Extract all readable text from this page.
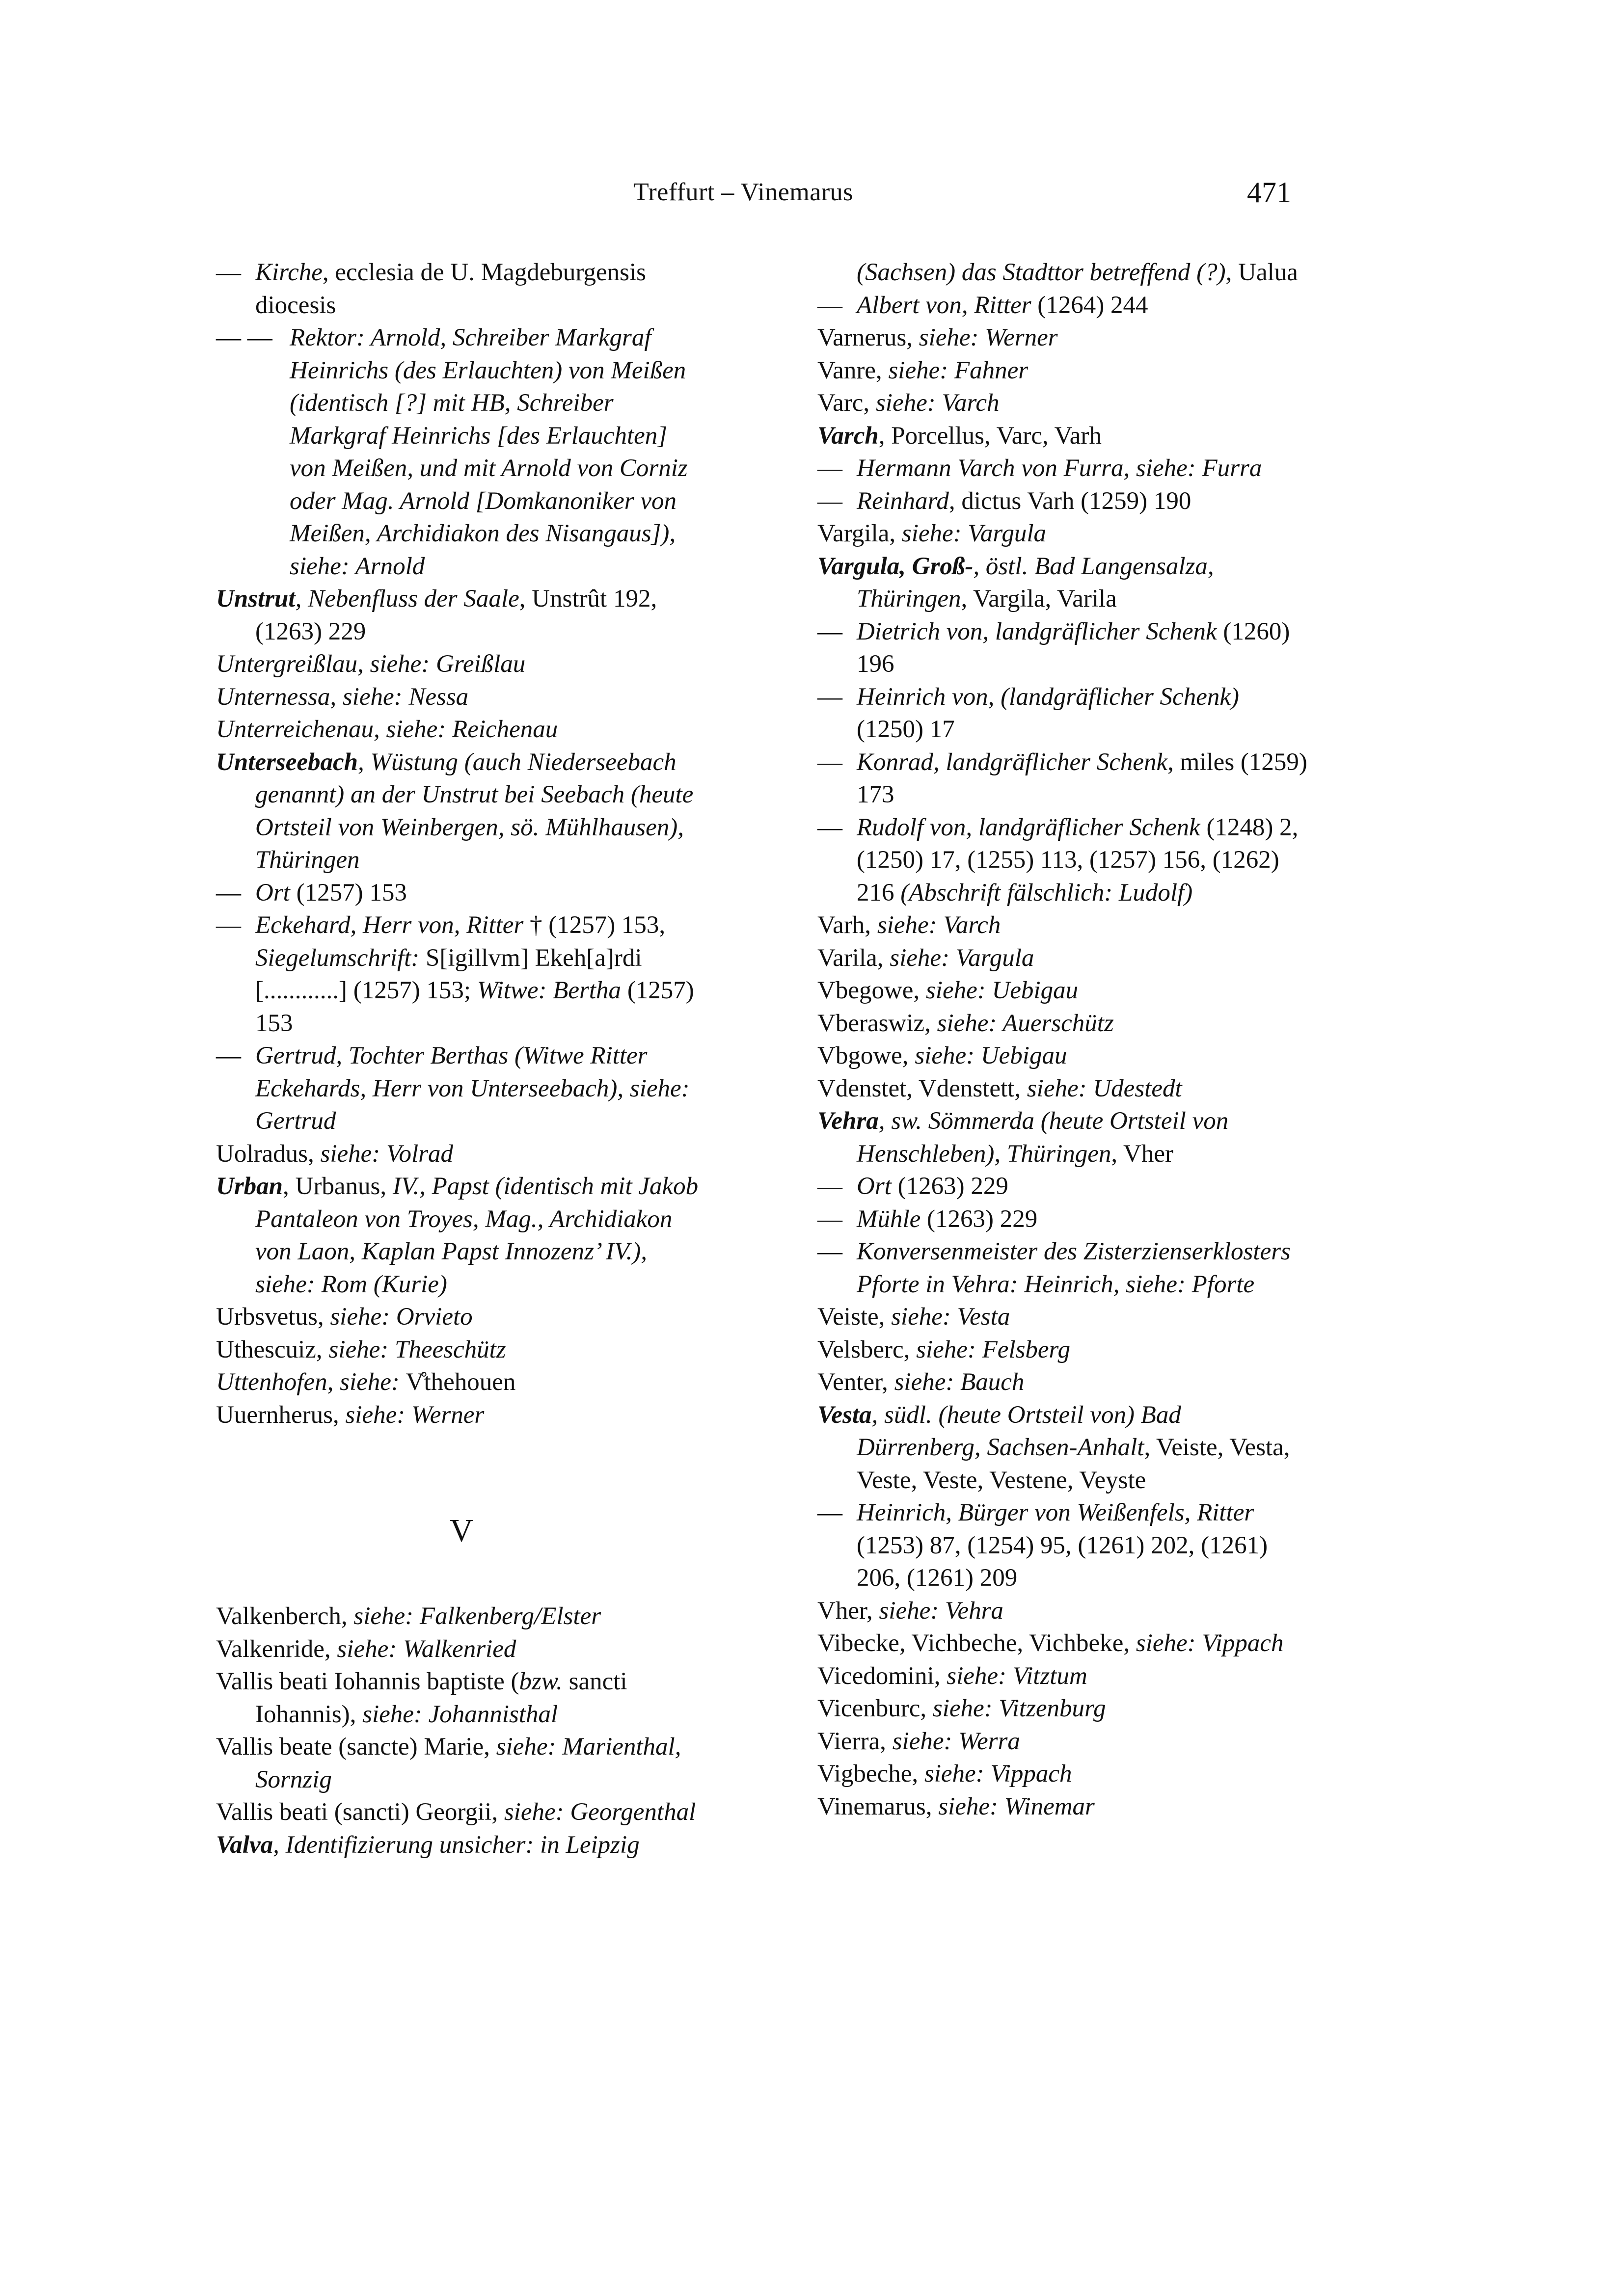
Treffurt – Vinemarus	471

— Kirche, ecclesia de U. Magdeburgensis diocesis

— — Rektor: Arnold, Schreiber Markgraf Heinrichs (des Erlauchten) von Meißen (identisch [?] mit HB, Schreiber Markgraf Heinrichs [des Erlauchten] von Meißen, und mit Arnold von Corniz oder Mag. Arnold [Domkanoniker von Meißen, Archidiakon des Nisangaus]), siehe: Arnold

Unstrut, Nebenfluss der Saale, Unstrût 192, (1263) 229

Untergreißlau, siehe: Greißlau

Unternessa, siehe: Nessa

Unterreichenau, siehe: Reichenau

Unterseebach, Wüstung (auch Niederseebach genannt) an der Unstrut bei Seebach (heute Ortsteil von Weinbergen, sö. Mühlhausen), Thüringen

— Ort (1257) 153

— Eckehard, Herr von, Ritter † (1257) 153, Siegelumschrift: S[igillvm] Ekeh[a]rdi [............] (1257) 153; Witwe: Bertha (1257) 153

— Gertrud, Tochter Berthas (Witwe Ritter Eckehards, Herr von Unterseebach), siehe: Gertrud

Uolradus, siehe: Volrad

Urban, Urbanus, IV., Papst (identisch mit Jakob Pantaleon von Troyes, Mag., Archidiakon von Laon, Kaplan Papst Innozenz’ IV.), siehe: Rom (Kurie)

Urbsvetus, siehe: Orvieto

Uthescuiz, siehe: Theeschütz

Uttenhofen, siehe: V̊thehouen

Uuernherus, siehe: Werner

V

Valkenberch, siehe: Falkenberg/Elster

Valkenride, siehe: Walkenried

Vallis beati Iohannis baptiste (bzw. sancti Iohannis), siehe: Johannisthal

Vallis beate (sancte) Marie, siehe: Marienthal, Sornzig

Vallis beati (sancti) Georgii, siehe: Georgenthal

Valva, Identifizierung unsicher: in Leipzig

(Sachsen) das Stadttor betreffend (?), Ualua

— Albert von, Ritter (1264) 244

Varnerus, siehe: Werner

Vanre, siehe: Fahner

Varc, siehe: Varch

Varch, Porcellus, Varc, Varh

— Hermann Varch von Furra, siehe: Furra

— Reinhard, dictus Varh (1259) 190

Vargila, siehe: Vargula

Vargula, Groß-, östl. Bad Langensalza, Thüringen, Vargila, Varila

— Dietrich von, landgräflicher Schenk (1260) 196

— Heinrich von, (landgräflicher Schenk) (1250) 17

— Konrad, landgräflicher Schenk, miles (1259) 173

— Rudolf von, landgräflicher Schenk (1248) 2, (1250) 17, (1255) 113, (1257) 156, (1262) 216 (Abschrift fälschlich: Ludolf)

Varh, siehe: Varch

Varila, siehe: Vargula

Vbegowe, siehe: Uebigau

Vberaswiz, siehe: Auerschütz

Vbgowe, siehe: Uebigau

Vdenstet, Vdenstett, siehe: Udestedt

Vehra, sw. Sömmerda (heute Ortsteil von Henschleben), Thüringen, Vher

— Ort (1263) 229

— Mühle (1263) 229

— Konversenmeister des Zisterzienserklosters Pforte in Vehra: Heinrich, siehe: Pforte

Veiste, siehe: Vesta

Velsberc, siehe: Felsberg

Venter, siehe: Bauch

Vesta, südl. (heute Ortsteil von) Bad Dürrenberg, Sachsen-Anhalt, Veiste, Vesta, Veste, Veste, Vestene, Veyste

— Heinrich, Bürger von Weißenfels, Ritter (1253) 87, (1254) 95, (1261) 202, (1261) 206, (1261) 209

Vher, siehe: Vehra

Vibecke, Vichbeche, Vichbeke, siehe: Vippach

Vicedomini, siehe: Vitztum

Vicenburc, siehe: Vitzenburg

Vierra, siehe: Werra

Vigbeche, siehe: Vippach

Vinemarus, siehe: Winemar
